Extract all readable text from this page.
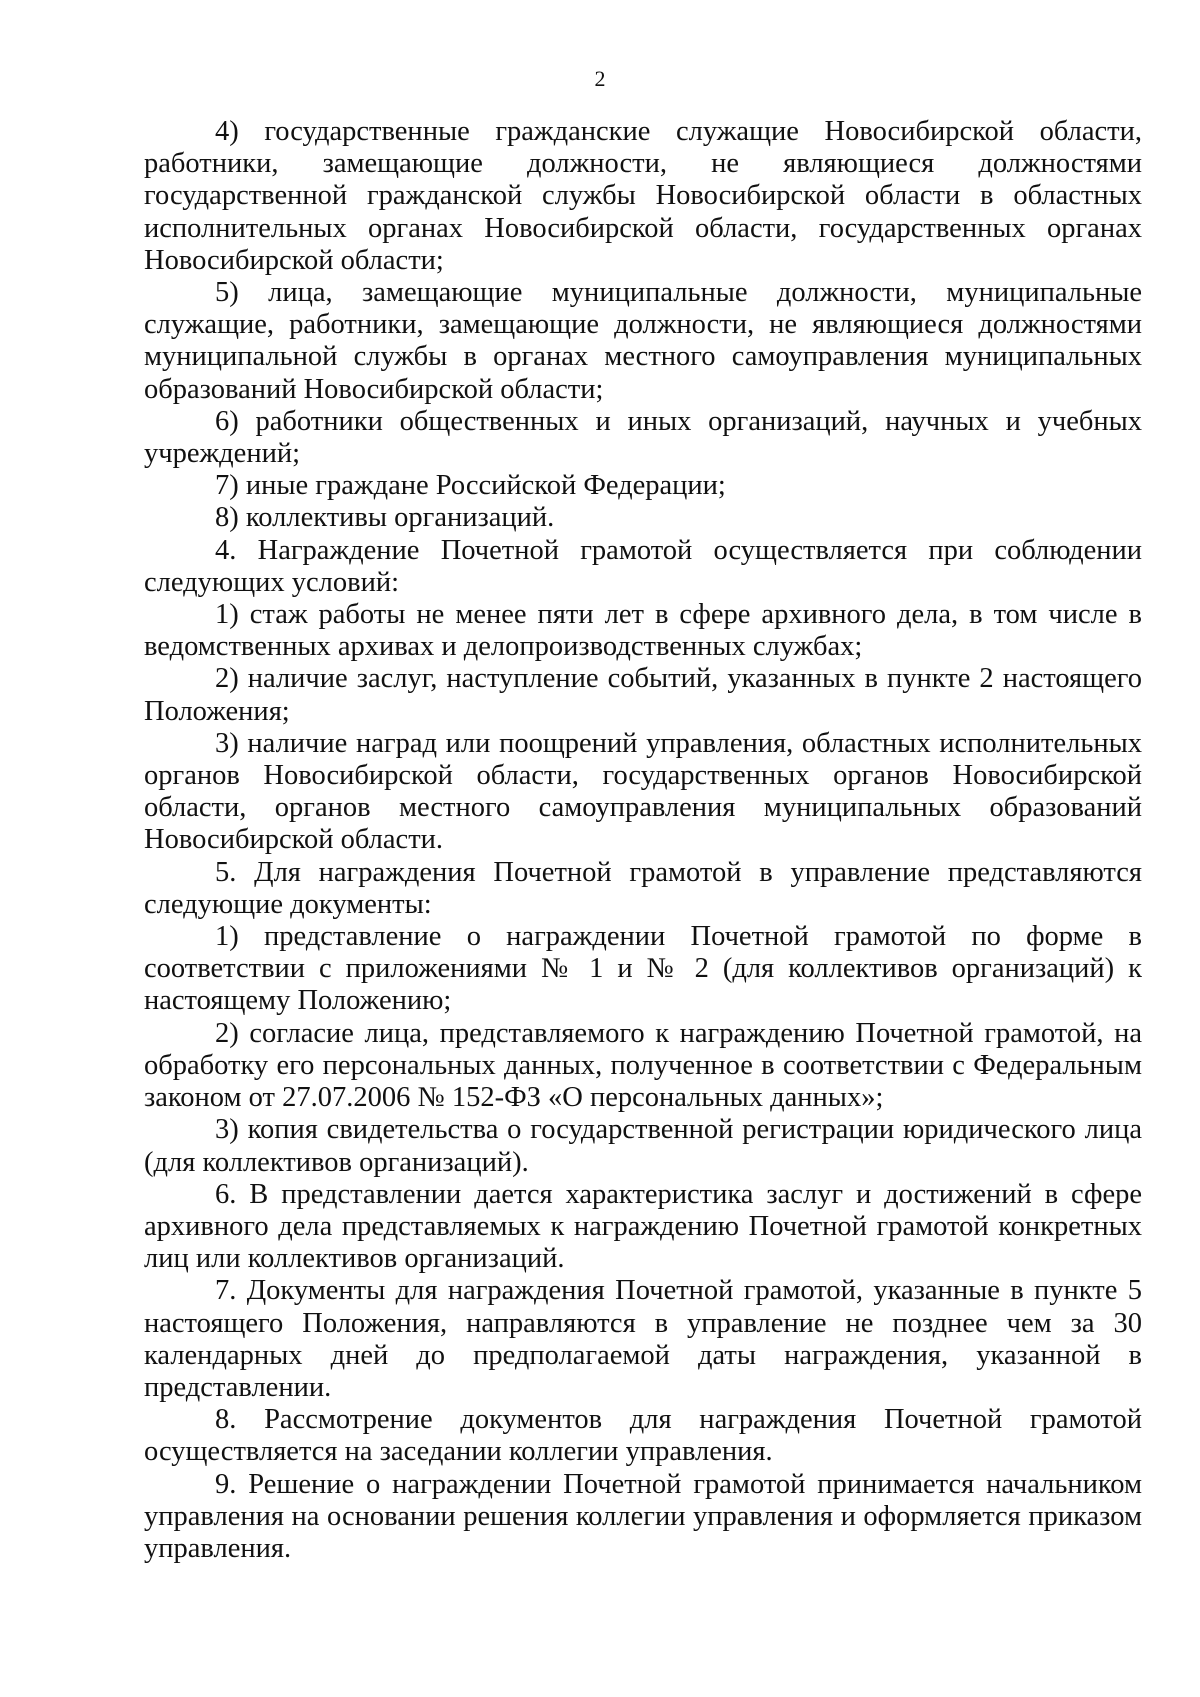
2

4) государственные гражданские служащие Новосибирской области, работники, замещающие должности, не являющиеся должностями государственной гражданской службы Новосибирской области в областных исполнительных органах Новосибирской области, государственных органах Новосибирской области;

5) лица, замещающие муниципальные должности, муниципальные служащие, работники, замещающие должности, не являющиеся должностями муниципальной службы в органах местного самоуправления муниципальных образований Новосибирской области;

6) работники общественных и иных организаций, научных и учебных учреждений;

7) иные граждане Российской Федерации;

8) коллективы организаций.

4. Награждение Почетной грамотой осуществляется при соблюдении следующих условий:

1) стаж работы не менее пяти лет в сфере архивного дела, в том числе в ведомственных архивах и делопроизводственных службах;

2) наличие заслуг, наступление событий, указанных в пункте 2 настоящего Положения;

3) наличие наград или поощрений управления, областных исполнительных органов Новосибирской области, государственных органов Новосибирской области, органов местного самоуправления муниципальных образований Новосибирской области.

5. Для награждения Почетной грамотой в управление представляются следующие документы:

1) представление о награждении Почетной грамотой по форме в соответствии с приложениями № 1 и № 2 (для коллективов организаций) к настоящему Положению;

2) согласие лица, представляемого к награждению Почетной грамотой, на обработку его персональных данных, полученное в соответствии с Федеральным законом от 27.07.2006 № 152-ФЗ «О персональных данных»;

3) копия свидетельства о государственной регистрации юридического лица (для коллективов организаций).

6. В представлении дается характеристика заслуг и достижений в сфере архивного дела представляемых к награждению Почетной грамотой конкретных лиц или коллективов организаций.

7. Документы для награждения Почетной грамотой, указанные в пункте 5 настоящего Положения, направляются в управление не позднее чем за 30 календарных дней до предполагаемой даты награждения, указанной в представлении.

8. Рассмотрение документов для награждения Почетной грамотой осуществляется на заседании коллегии управления.

9. Решение о награждении Почетной грамотой принимается начальником управления на основании решения коллегии управления и оформляется приказом управления.
